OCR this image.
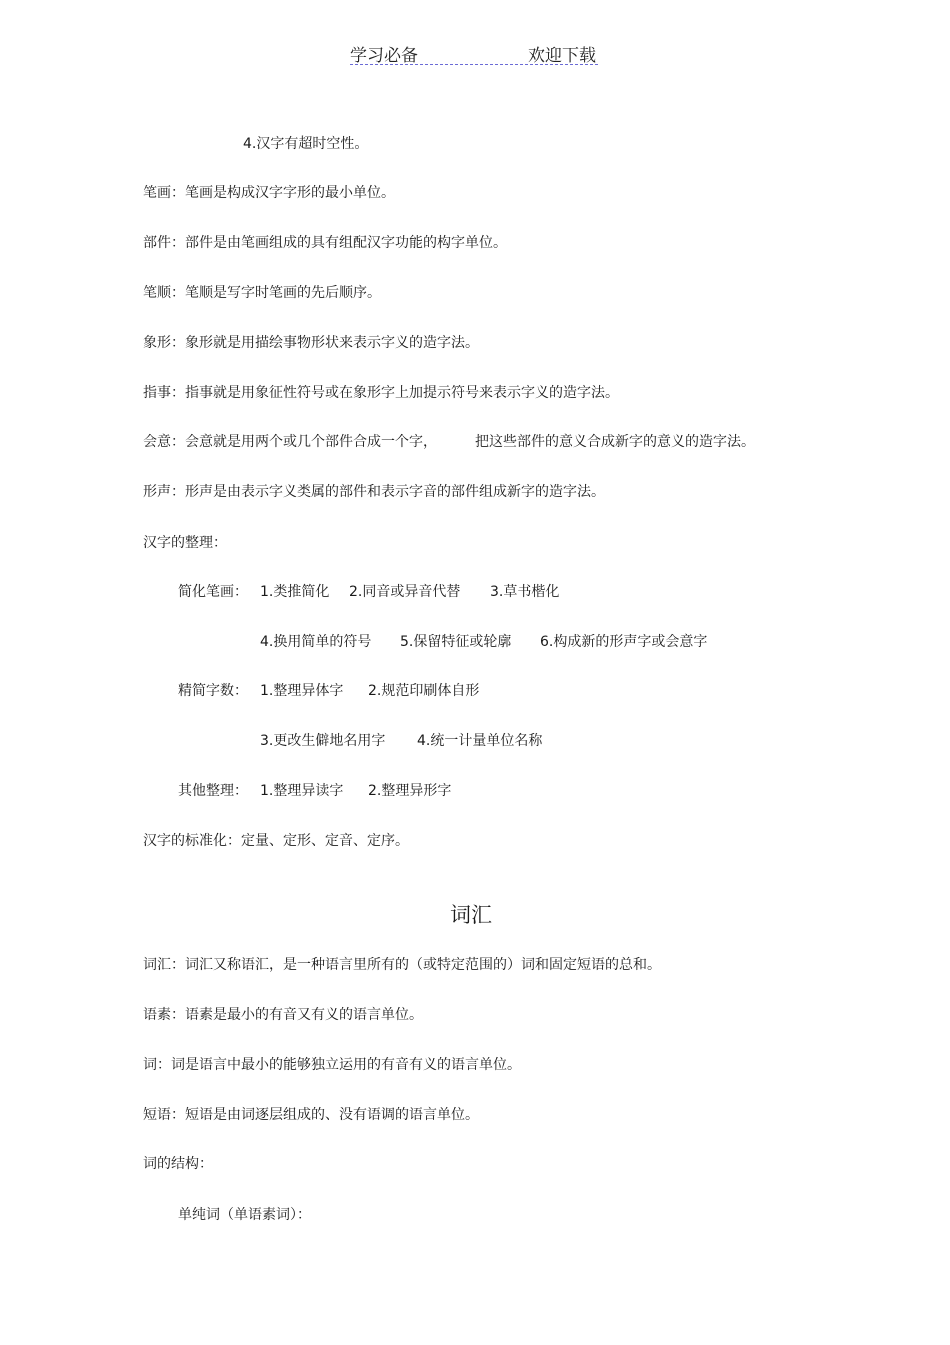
学习必备	欢迎下载
4.汉字有超时空性。
笔画：笔画是构成汉字字形的最小单位。
部件：部件是由笔画组成的具有组配汉字功能的构字单位。
笔顺：笔顺是写字时笔画的先后顺序。
象形：象形就是用描绘事物形状来表示字义的造字法。
指事：指事就是用象征性符号或在象形字上加提示符号来表示字义的造字法。
会意：会意就是用两个或几个部件合成一个字，	把这些部件的意义合成新字的意义的造字法。
形声：形声是由表示字义类属的部件和表示字音的部件组成新字的造字法。
汉字的整理：
简化笔画： 1.类推简化 2.同音或异音代替 3.草书楷化
4.换用简单的符号 5.保留特征或轮廓 6.构成新的形声字或会意字
精简字数： 1.整理异体字 2.规范印刷体自形
3.更改生僻地名用字 4.统一计量单位名称
其他整理： 1.整理异读字 2.整理异形字
汉字的标准化：定量、定形、定音、定序。
词汇
词汇：词汇又称语汇，是一种语言里所有的（或特定范围的）词和固定短语的总和。
语素：语素是最小的有音又有义的语言单位。
词：词是语言中最小的能够独立运用的有音有义的语言单位。
短语：短语是由词逐层组成的、没有语调的语言单位。
词的结构：
单纯词（单语素词）：
